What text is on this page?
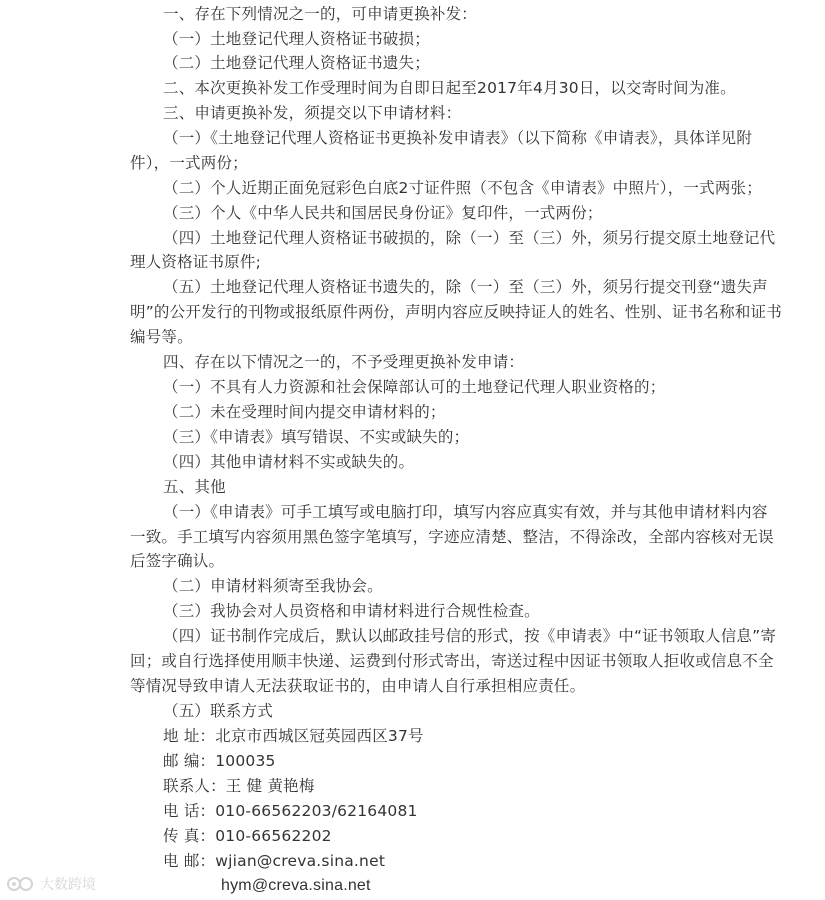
一、存在下列情况之一的，可申请更换补发：
（一）土地登记代理人资格证书破损；
（二）土地登记代理人资格证书遗失；
二、本次更换补发工作受理时间为自即日起至2017年4月30日，以交寄时间为准。
三、申请更换补发，须提交以下申请材料：
（一）《土地登记代理人资格证书更换补发申请表》（以下简称《申请表》，具体详见附
件），一式两份；
（二）个人近期正面免冠彩色白底2寸证件照（不包含《申请表》中照片），一式两张；
（三）个人《中华人民共和国居民身份证》复印件，一式两份；
（四）土地登记代理人资格证书破损的，除（一）至（三）外，须另行提交原土地登记代
理人资格证书原件;
（五）土地登记代理人资格证书遗失的，除（一）至（三）外，须另行提交刊登“遗失声
明”的公开发行的刊物或报纸原件两份，声明内容应反映持证人的姓名、性别、证书名称和证书
编号等。
四、存在以下情况之一的，不予受理更换补发申请：
（一）不具有人力资源和社会保障部认可的土地登记代理人职业资格的；
（二）未在受理时间内提交申请材料的；
（三）《申请表》填写错误、不实或缺失的；
（四）其他申请材料不实或缺失的。
五、其他
（一）《申请表》可手工填写或电脑打印，填写内容应真实有效，并与其他申请材料内容
一致。手工填写内容须用黑色签字笔填写，字迹应清楚、整洁，不得涂改，全部内容核对无误
后签字确认。
（二）申请材料须寄至我协会。
（三）我协会对人员资格和申请材料进行合规性检查。
（四）证书制作完成后，默认以邮政挂号信的形式，按《申请表》中“证书领取人信息”寄
回；或自行选择使用顺丰快递、运费到付形式寄出，寄送过程中因证书领取人拒收或信息不全
等情况导致申请人无法获取证书的，由申请人自行承担相应责任。
（五）联系方式
地 址：北京市西城区冠英园西区37号
邮 编：100035
联系人：王 健 黄艳梅
电 话：010-66562203/62164081
传 真：010-66562202
电 邮：wjian@creva.sina.net
hym@creva.sina.net
大数跨境
